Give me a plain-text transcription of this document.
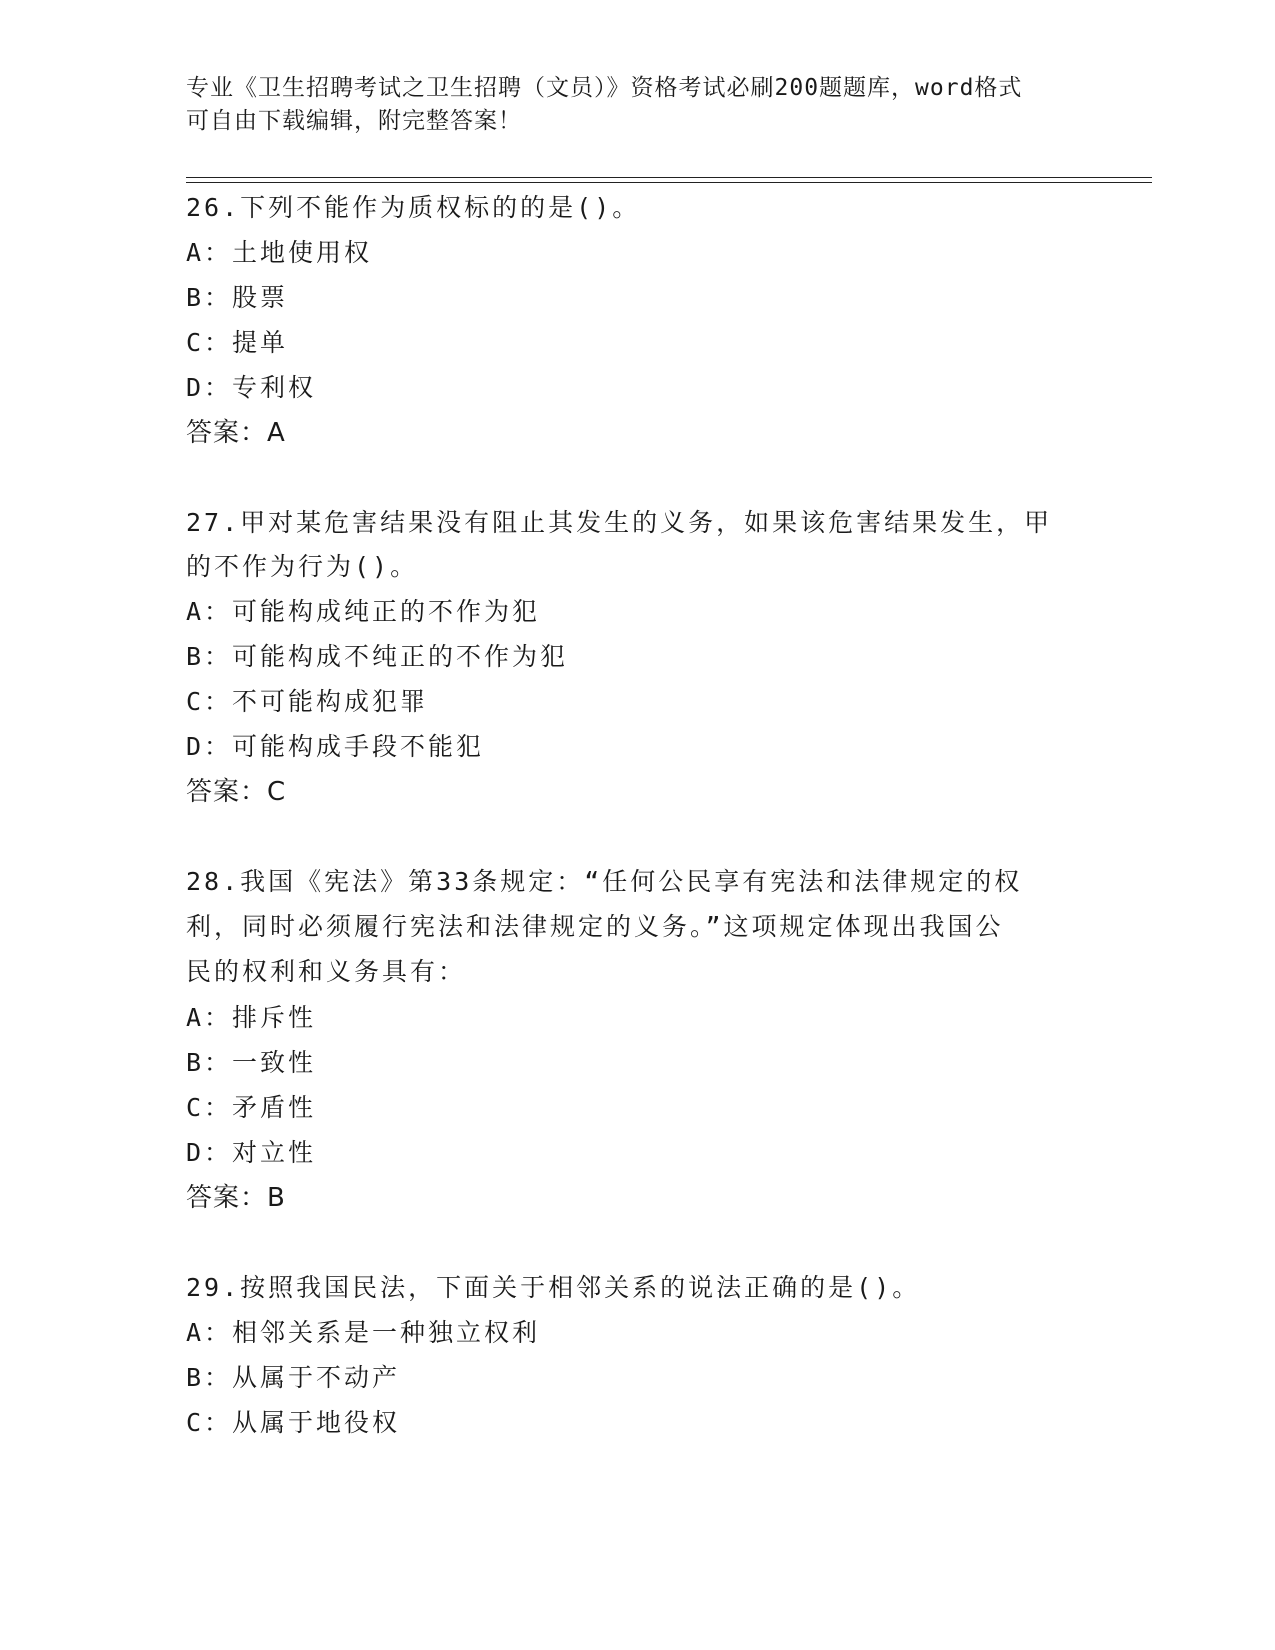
专业《卫生招聘考试之卫生招聘（文员）》资格考试必刷200题题库，word格式
可自由下载编辑，附完整答案！
26.下列不能作为质权标的的是()。
A：土地使用权
B：股票
C：提单
D：专利权
答案：A
27.甲对某危害结果没有阻止其发生的义务，如果该危害结果发生，甲
的不作为行为()。
A：可能构成纯正的不作为犯
B：可能构成不纯正的不作为犯
C：不可能构成犯罪
D：可能构成手段不能犯
答案：C
28.我国《宪法》第33条规定：“任何公民享有宪法和法律规定的权
利，同时必须履行宪法和法律规定的义务。”这项规定体现出我国公
民的权利和义务具有：
A：排斥性
B：一致性
C：矛盾性
D：对立性
答案：B
29.按照我国民法，下面关于相邻关系的说法正确的是()。
A：相邻关系是一种独立权利
B：从属于不动产
C：从属于地役权
